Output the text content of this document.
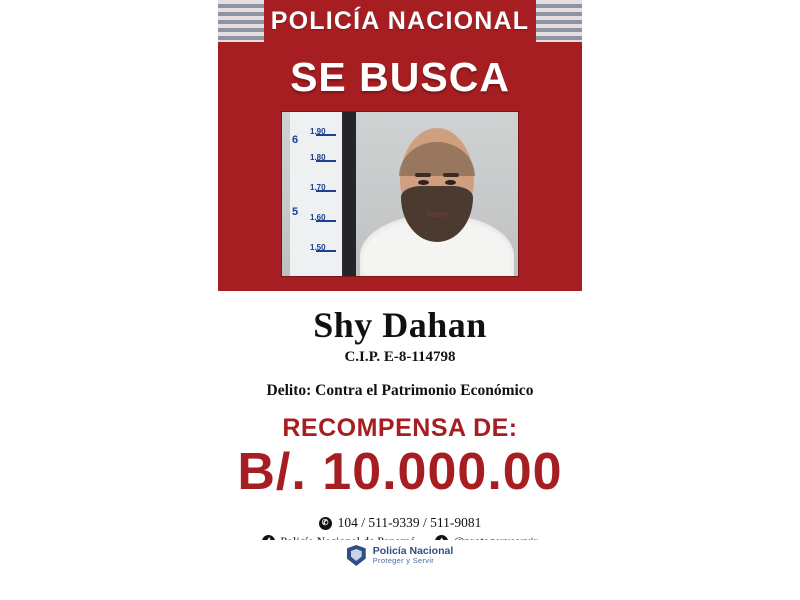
POLICÍA NACIONAL
SE BUSCA
6
5
1.90
1.80
1.70
1.60
1.50
Shy Dahan
C.I.P. E-8-114798
Delito: Contra el Patrimonio Económico
RECOMPENSA DE:
B/. 10.000.00
✆ 104 / 511-9339 / 511-9081
Policía Nacional
Proteger y Servir
